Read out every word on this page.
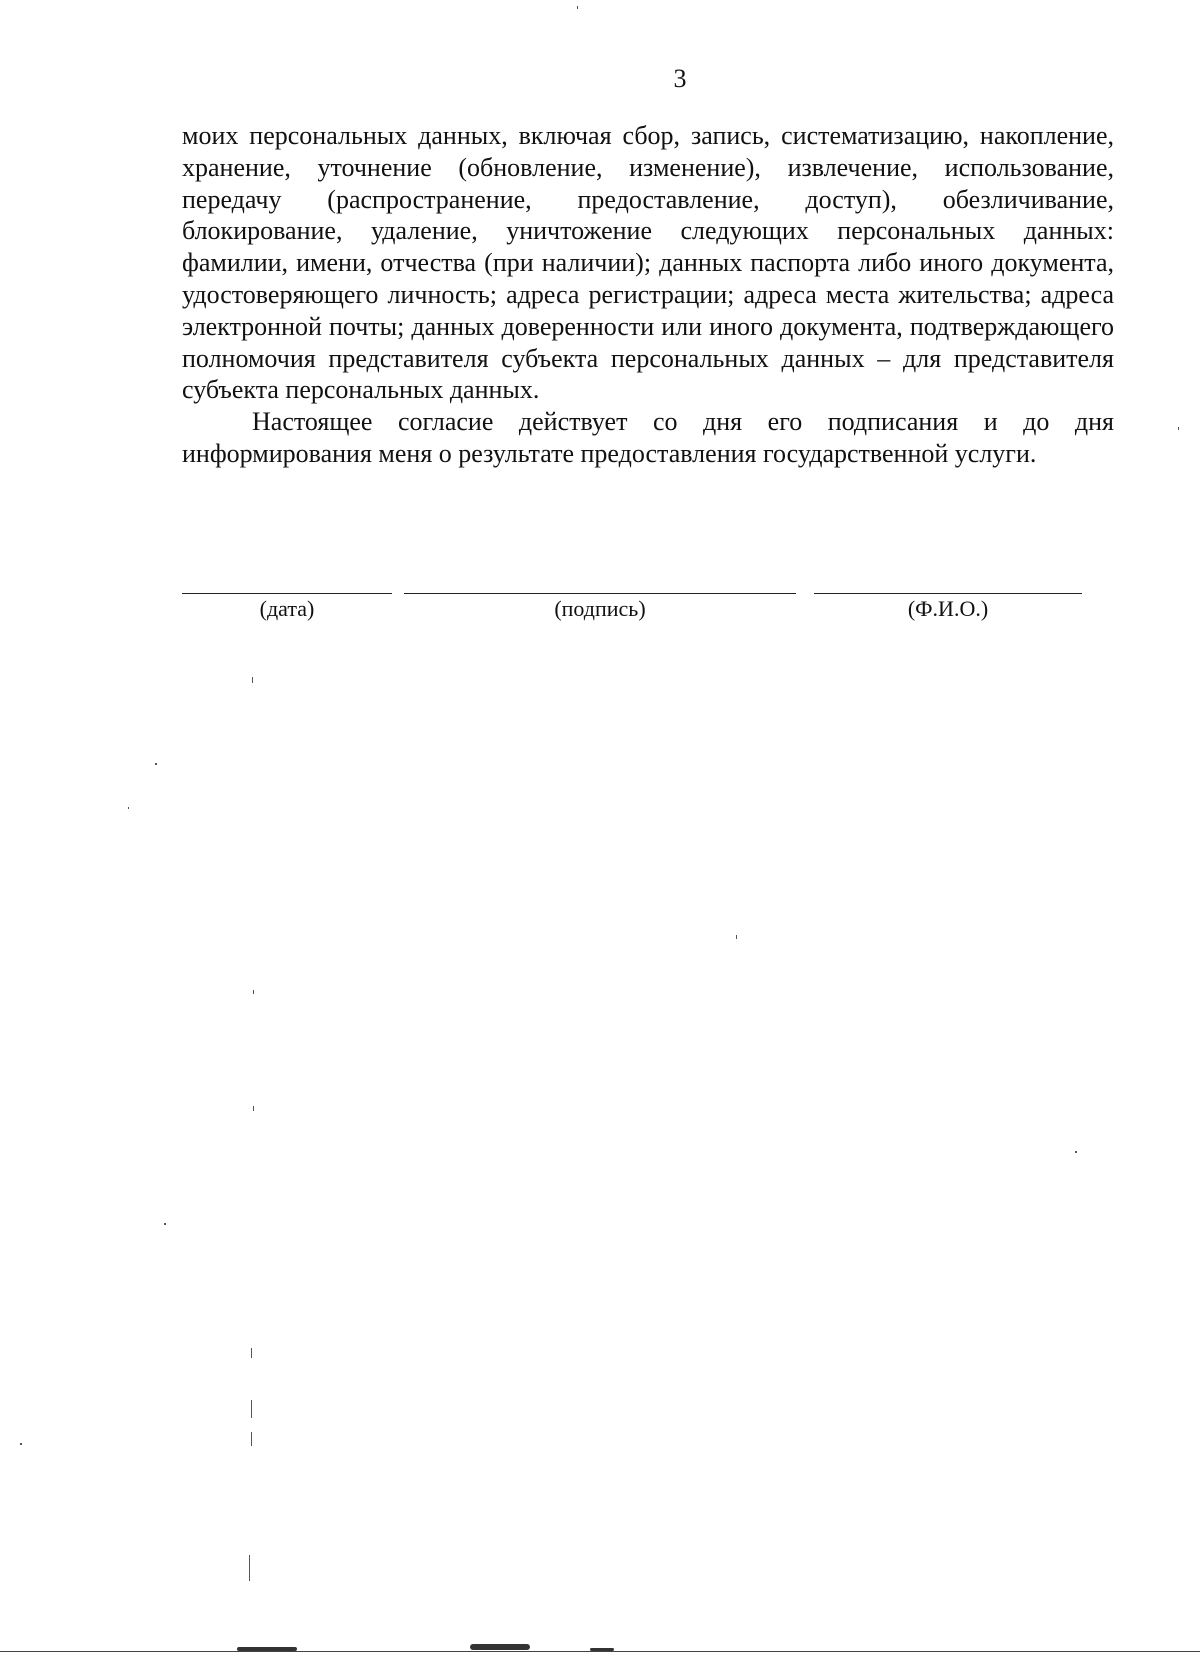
3

моих персональных данных, включая сбор, запись, систематизацию, накопление, хранение, уточнение (обновление, изменение), извлечение, использование, передачу (распространение, предоставление, доступ), обезличивание, блокирование, удаление, уничтожение следующих персональных данных: фамилии, имени, отчества (при наличии); данных паспорта либо иного документа, удостоверяющего личность; адреса регистрации; адреса места жительства; адреса электронной почты; данных доверенности или иного документа, подтверждающего полномочия представителя субъекта персональных данных – для представителя субъекта персональных данных.

Настоящее согласие действует со дня его подписания и до дня информирования меня о результате предоставления государственной услуги.

(дата)	(подпись)	(Ф.И.О.)
